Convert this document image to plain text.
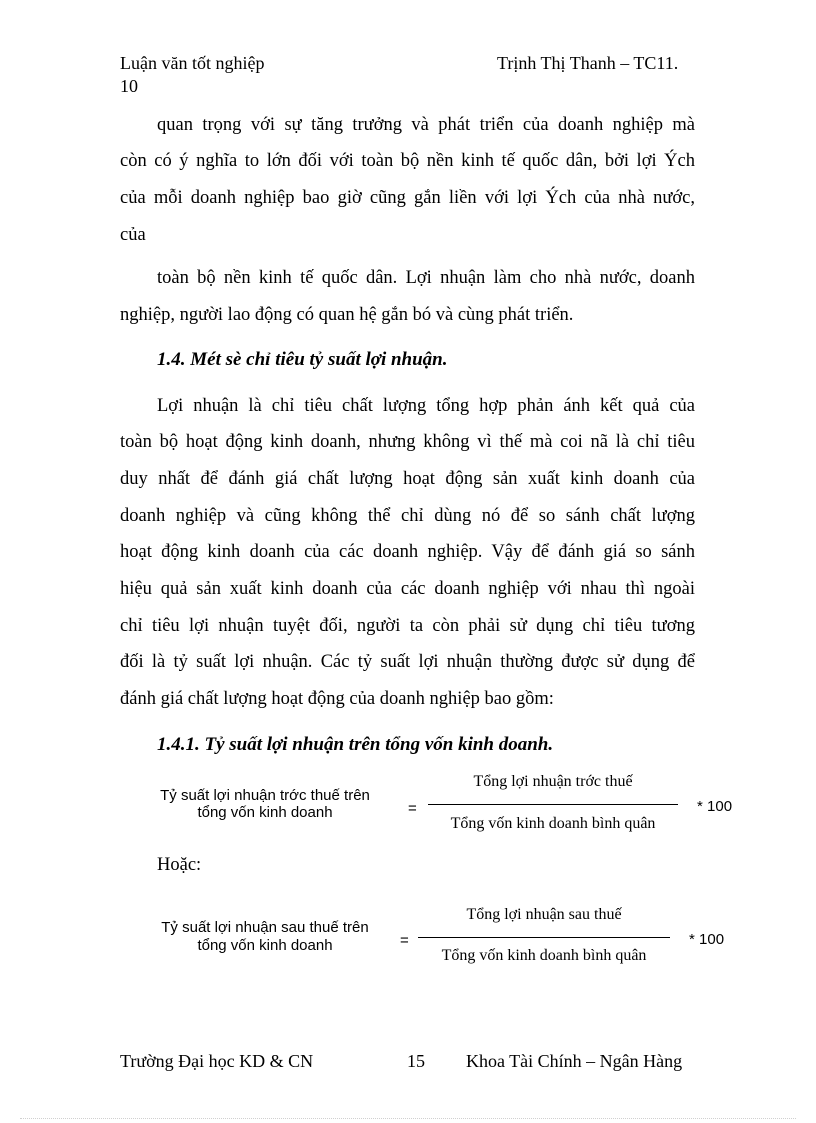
Luận văn tốt nghiệp	Trịnh Thị Thanh – TC11.
10
quan trọng với sự tăng trưởng và phát triển của doanh nghiệp mà
còn có ý nghĩa to lớn đối với toàn bộ nền kinh tế quốc dân, bởi lợi Ých
của mỗi doanh nghiệp bao giờ cũng gắn liền với lợi Ých của nhà nước,
của
toàn bộ nền kinh tế quốc dân. Lợi nhuận làm cho nhà nước, doanh
nghiệp, người lao động có quan hệ gắn bó và cùng phát triển.
1.4. Mét sè chỉ tiêu tỷ suất lợi nhuận.
Lợi nhuận là chỉ tiêu chất lượng tổng hợp phản ánh kết quả của
toàn bộ hoạt động kinh doanh, nhưng không vì thế mà coi nã là chỉ tiêu
duy nhất để đánh giá chất lượng hoạt động sản xuất kinh doanh của
doanh nghiệp và cũng không thể chỉ dùng nó để so sánh chất lượng
hoạt động kinh doanh của các doanh nghiệp. Vậy để đánh giá so sánh
hiệu quả sản xuất kinh doanh của các doanh nghiệp với nhau thì ngoài
chỉ tiêu lợi nhuận tuyệt đối, người ta còn phải sử dụng chỉ tiêu tương
đối là tỷ suất lợi nhuận. Các tỷ suất lợi nhuận thường được sử dụng để
đánh giá chất lượng hoạt động của doanh nghiệp bao gồm:
1.4.1. Tỷ suất lợi nhuận trên tổng vốn kinh doanh.
Tỷ suất lợi nhuận trớc thuế trên
tổng vốn kinh doanh	=
Tổng lợi nhuận trớc thuế
Tổng vốn kinh doanh bình quân
* 100
Hoặc:
Tỷ suất lợi nhuận sau thuế trên
tổng vốn kinh doanh	=
Tổng lợi nhuận sau thuế
Tổng vốn kinh doanh bình quân
* 100
Trường Đại học KD & CN	15 Khoa Tài Chính – Ngân Hàng
